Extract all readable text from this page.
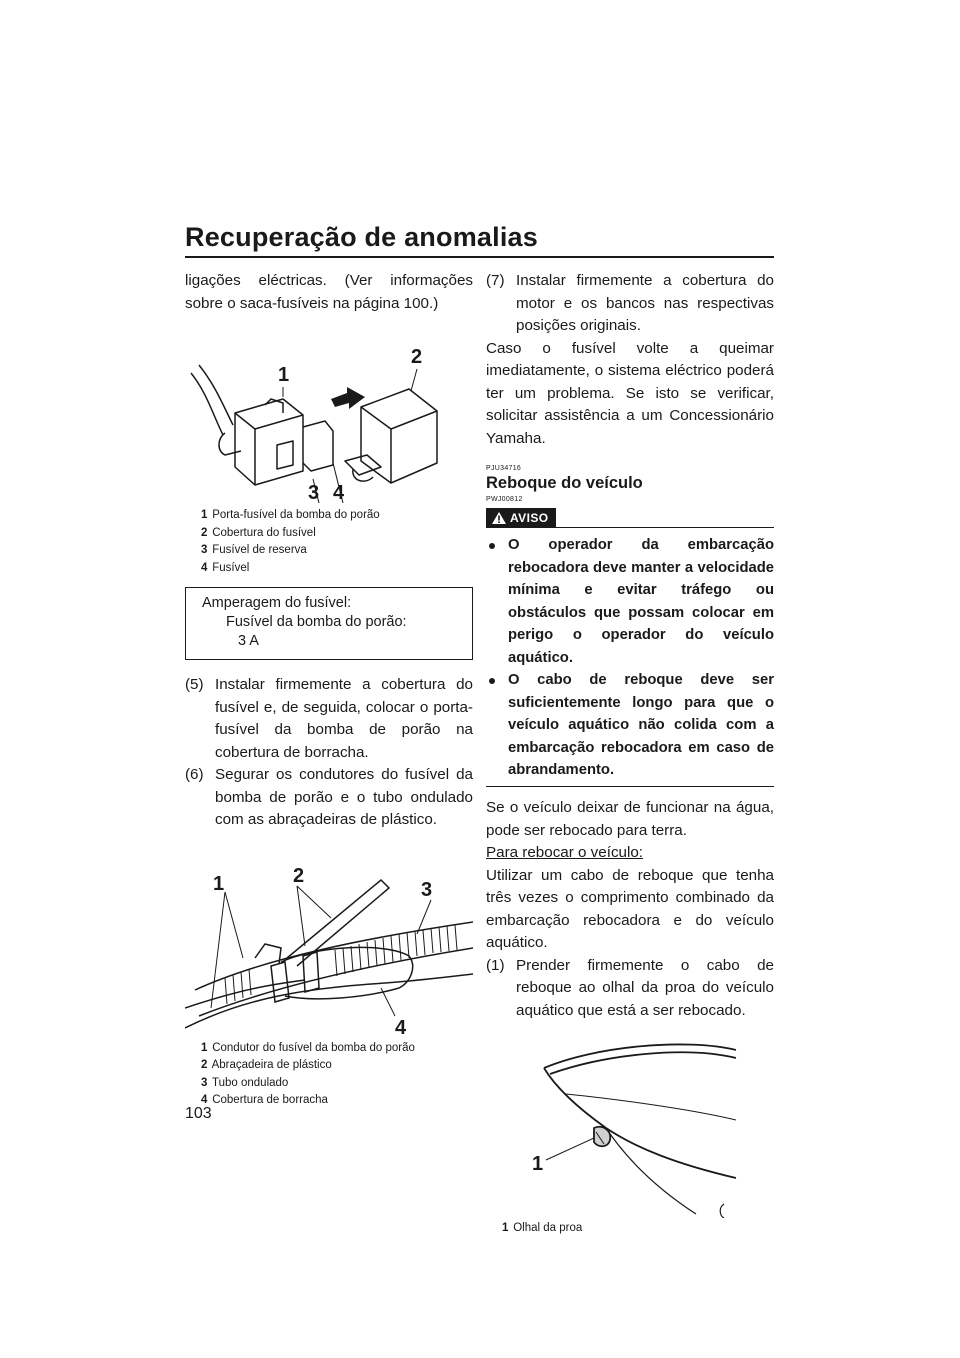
Recuperação de anomalias

ligações eléctricas. (Ver informações sobre o saca-fusíveis na página 100.)

1
2
3 4
1 Porta-fusível da bomba do porão
2 Cobertura do fusível
3 Fusível de reserva
4 Fusível
Amperagem do fusível:
Fusível da bomba do porão:
3 A
(5) Instalar firmemente a cobertura do fusível e, de seguida, colocar o porta-fusível da bomba de porão na cobertura de borracha.
(6) Segurar os condutores do fusível da bomba de porão e o tubo ondulado com as abraçadeiras de plástico.
1	2
3
4
1 Condutor do fusível da bomba do porão
2 Abraçadeira de plástico
3 Tubo ondulado
4 Cobertura de borracha
(7) Instalar firmemente a cobertura do motor e os bancos nas respectivas posições originais.

Caso o fusível volte a queimar imediatamente, o sistema eléctrico poderá ter um problema. Se isto se verificar, solicitar assistência a um Concessionário Yamaha.

PJU34716
Reboque do veículo
PWJ00812
AVISO
O operador da embarcação rebocadora deve manter a velocidade mínima e evitar tráfego ou obstáculos que possam colocar em perigo o operador do veículo aquático.
O cabo de reboque deve ser suficientemente longo para que o veículo aquático não colida com a embarcação rebocadora em caso de abrandamento.

Se o veículo deixar de funcionar na água, pode ser rebocado para terra.

Para rebocar o veículo:

Utilizar um cabo de reboque que tenha três vezes o comprimento combinado da embarcação rebocadora e do veículo aquático.

(1) Prender firmemente o cabo de reboque ao olhal da proa do veículo aquático que está a ser rebocado.
1
1 Olhal da proa
103
